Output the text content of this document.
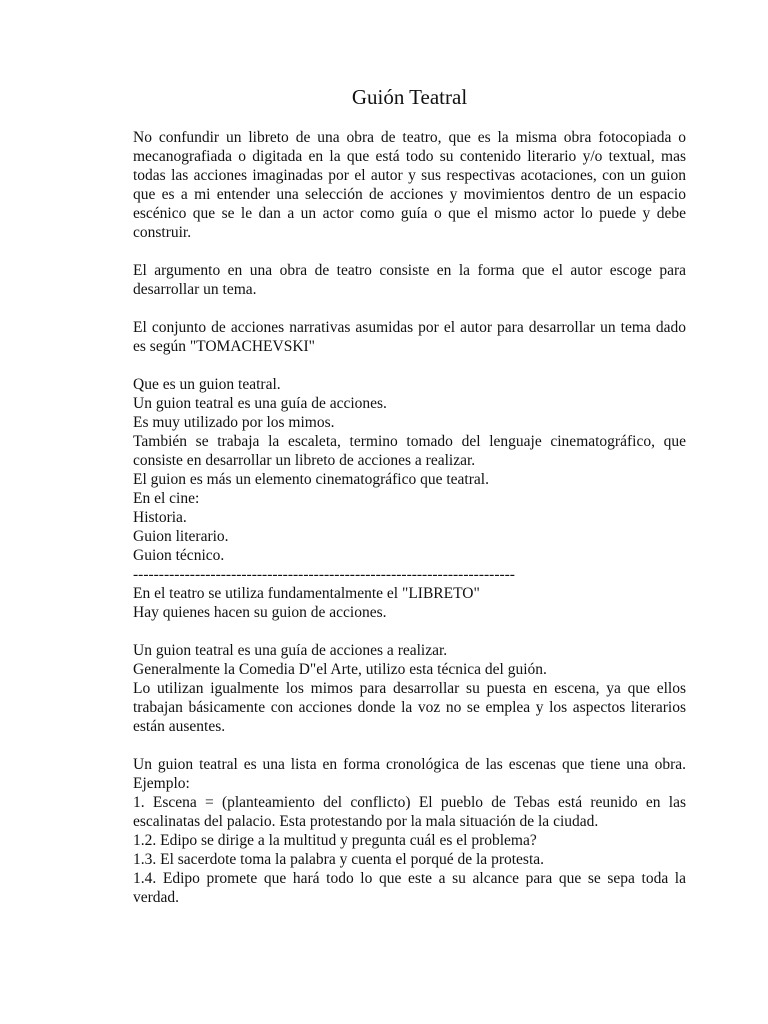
Guión Teatral

No confundir un libreto de una obra de teatro, que es la misma obra fotocopiada o mecanografiada o digitada en la que está todo su contenido literario y/o textual, mas todas las acciones imaginadas por el autor y sus respectivas acotaciones, con un guion que es a mi entender una selección de acciones y movimientos dentro de un espacio escénico que se le dan a un actor como guía o que el mismo actor lo puede y debe construir.

El argumento en una obra de teatro consiste en la forma que el autor escoge para desarrollar un tema.

El conjunto de acciones narrativas asumidas por el autor para desarrollar un tema dado es según "TOMACHEVSKI"

Que es un guion teatral.
Un guion teatral es una guía de acciones.
Es muy utilizado por los mimos.
También se trabaja la escaleta, termino tomado del lenguaje cinematográfico, que
consiste en desarrollar un libreto de acciones a realizar.
El guion es más un elemento cinematográfico que teatral.
En el cine:
Historia.
Guion literario.
Guion técnico.
--------------------------------------------------------------------------
En el teatro se utiliza fundamentalmente el "LIBRETO"
Hay quienes hacen su guion de acciones.
Un guion teatral es una guía de acciones a realizar.
Generalmente la Comedia D"el Arte, utilizo esta técnica del guión.

Lo utilizan igualmente los mimos para desarrollar su puesta en escena, ya que ellos trabajan básicamente con acciones donde la voz no se emplea y los aspectos literarios están ausentes.

Un guion teatral es una lista en forma cronológica de las escenas que tiene una obra. Ejemplo:

1. Escena = (planteamiento del conflicto) El pueblo de Tebas está reunido en las escalinatas del palacio. Esta protestando por la mala situación de la ciudad.

1.2. Edipo se dirige a la multitud y pregunta cuál es el problema?

1.3. El sacerdote toma la palabra y cuenta el porqué de la protesta.

1.4. Edipo promete que hará todo lo que este a su alcance para que se sepa toda la verdad.
